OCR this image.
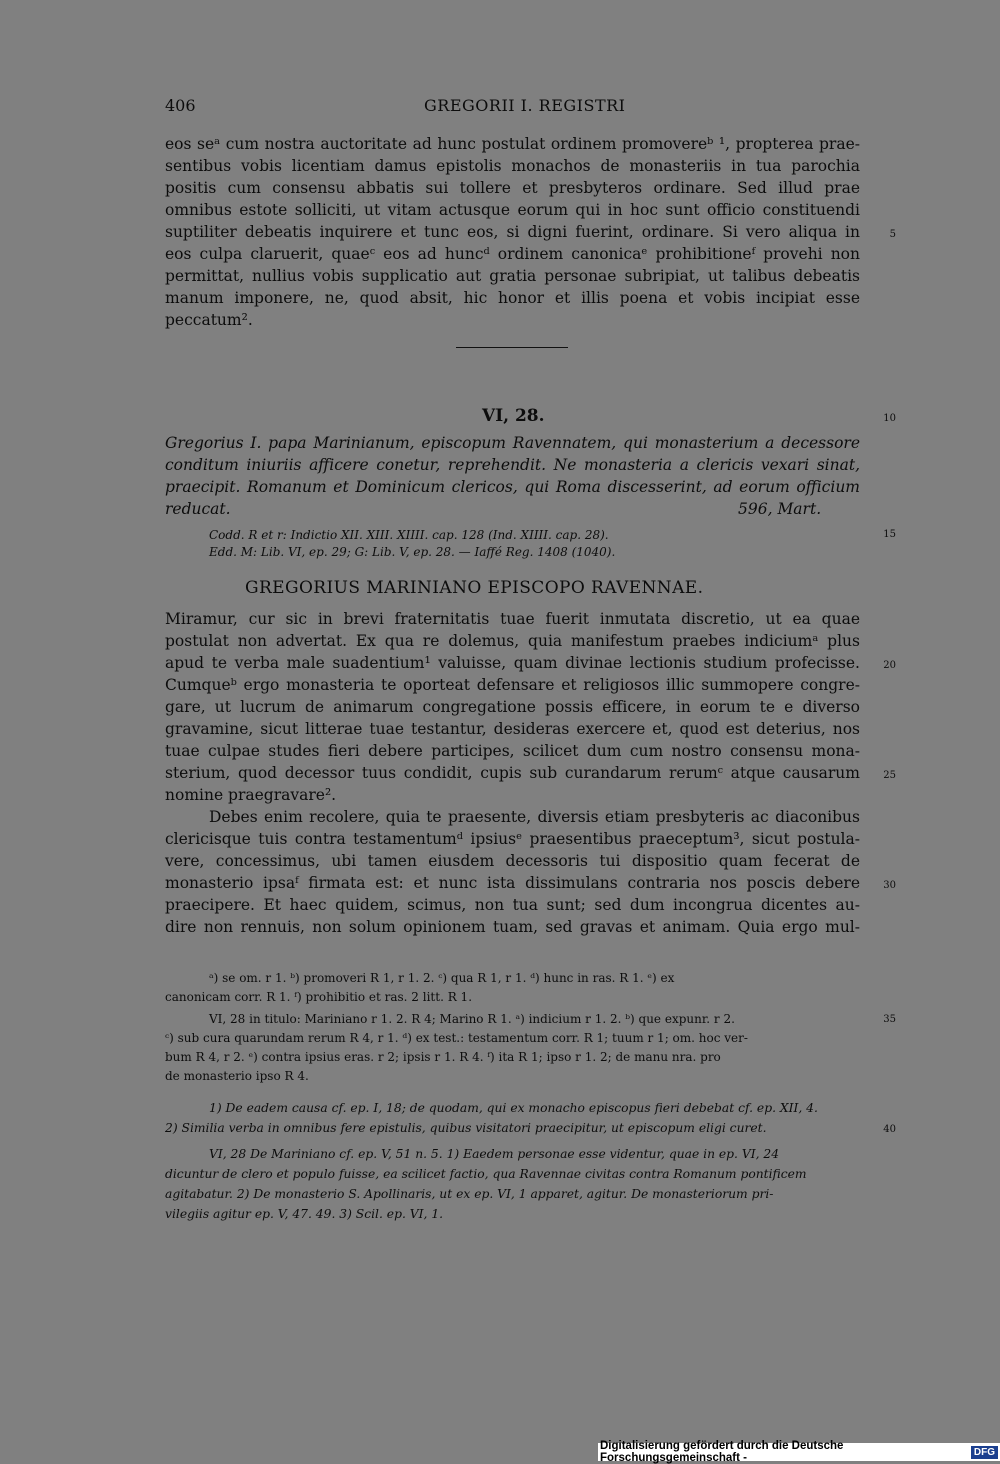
406	GREGORII I. REGISTRI
eos seᵃ cum nostra auctoritate ad hunc postulat ordinem promovereᵇ ¹, propterea prae-
sentibus vobis licentiam damus epistolis monachos de monasteriis in tua parochia
positis cum consensu abbatis sui tollere et presbyteros ordinare. Sed illud prae
omnibus estote solliciti, ut vitam actusque eorum qui in hoc sunt officio constituendi
suptiliter debeatis inquirere et tunc eos, si digni fuerint, ordinare. Si vero aliqua in
eos culpa claruerit, quaeᶜ eos ad huncᵈ ordinem canonicaᵉ prohibitioneᶠ provehi non
permittat, nullius vobis supplicatio aut gratia personae subripiat, ut talibus debeatis
manum imponere, ne, quod absit, hic honor et illis poena et vobis incipiat esse
peccatum².
VI, 28.
Gregorius I. papa Marinianum, episcopum Ravennatem, qui monasterium a decessore
conditum iniuriis afficere conetur, reprehendit. Ne monasteria a clericis vexari sinat,
praecipit. Romanum et Dominicum clericos, qui Roma discesserint, ad eorum officium
reducat.	596, Mart.
Codd. R et r: Indictio XII. XIII. XIIII. cap. 128 (Ind. XIIII. cap. 28).
Edd. M: Lib. VI, ep. 29; G: Lib. V, ep. 28. — Iaffé Reg. 1408 (1040).
GREGORIUS MARINIANO EPISCOPO RAVENNAE.
Miramur, cur sic in brevi fraternitatis tuae fuerit inmutata discretio, ut ea quae
postulat non advertat. Ex qua re dolemus, quia manifestum praebes indiciumᵃ plus
apud te verba male suadentium¹ valuisse, quam divinae lectionis studium profecisse.
Cumqueᵇ ergo monasteria te oporteat defensare et religiosos illic summopere congre-
gare, ut lucrum de animarum congregatione possis efficere, in eorum te e diverso
gravamine, sicut litterae tuae testantur, desideras exercere et, quod est deterius, nos
tuae culpae studes fieri debere participes, scilicet dum cum nostro consensu mona-
sterium, quod decessor tuus condidit, cupis sub curandarum rerumᶜ atque causarum
nomine praegravare².
Debes enim recolere, quia te praesente, diversis etiam presbyteris ac diaconibus
clericisque tuis contra testamentumᵈ ipsiusᵉ praesentibus praeceptum³, sicut postula-
vere, concessimus, ubi tamen eiusdem decessoris tui dispositio quam fecerat de
monasterio ipsaᶠ firmata est: et nunc ista dissimulans contraria nos poscis debere
praecipere. Et haec quidem, scimus, non tua sunt; sed dum incongrua dicentes au-
dire non rennuis, non solum opinionem tuam, sed gravas et animam. Quia ergo mul-
5
10
15
20
25
30
35
40
ᵃ) se om. r 1. ᵇ) promoveri R 1, r 1. 2. ᶜ) qua R 1, r 1. ᵈ) hunc in ras. R 1. ᵉ) ex
canonicam corr. R 1. ᶠ) prohibitio et ras. 2 litt. R 1.
VI, 28 in titulo: Mariniano r 1. 2. R 4; Marino R 1. ᵃ) indicium r 1. 2. ᵇ) que expunr. r 2.
ᶜ) sub cura quarundam rerum R 4, r 1. ᵈ) ex test.: testamentum corr. R 1; tuum r 1; om. hoc ver-
bum R 4, r 2. ᵉ) contra ipsius eras. r 2; ipsis r 1. R 4. ᶠ) ita R 1; ipso r 1. 2; de manu nra. pro
de monasterio ipso R 4.
1) De eadem causa cf. ep. I, 18; de quodam, qui ex monacho episcopus fieri debebat cf. ep. XII, 4.
2) Similia verba in omnibus fere epistulis, quibus visitatori praecipitur, ut episcopum eligi curet.
VI, 28 De Mariniano cf. ep. V, 51 n. 5. 1) Eaedem personae esse videntur, quae in ep. VI, 24
dicuntur de clero et populo fuisse, ea scilicet factio, qua Ravennae civitas contra Romanum pontificem
agitabatur. 2) De monasterio S. Apollinaris, ut ex ep. VI, 1 apparet, agitur. De monasteriorum pri-
vilegiis agitur ep. V, 47. 49. 3) Scil. ep. VI, 1.
Digitalisierung gefördert durch die Deutsche Forschungsgemeinschaft -	DFG
